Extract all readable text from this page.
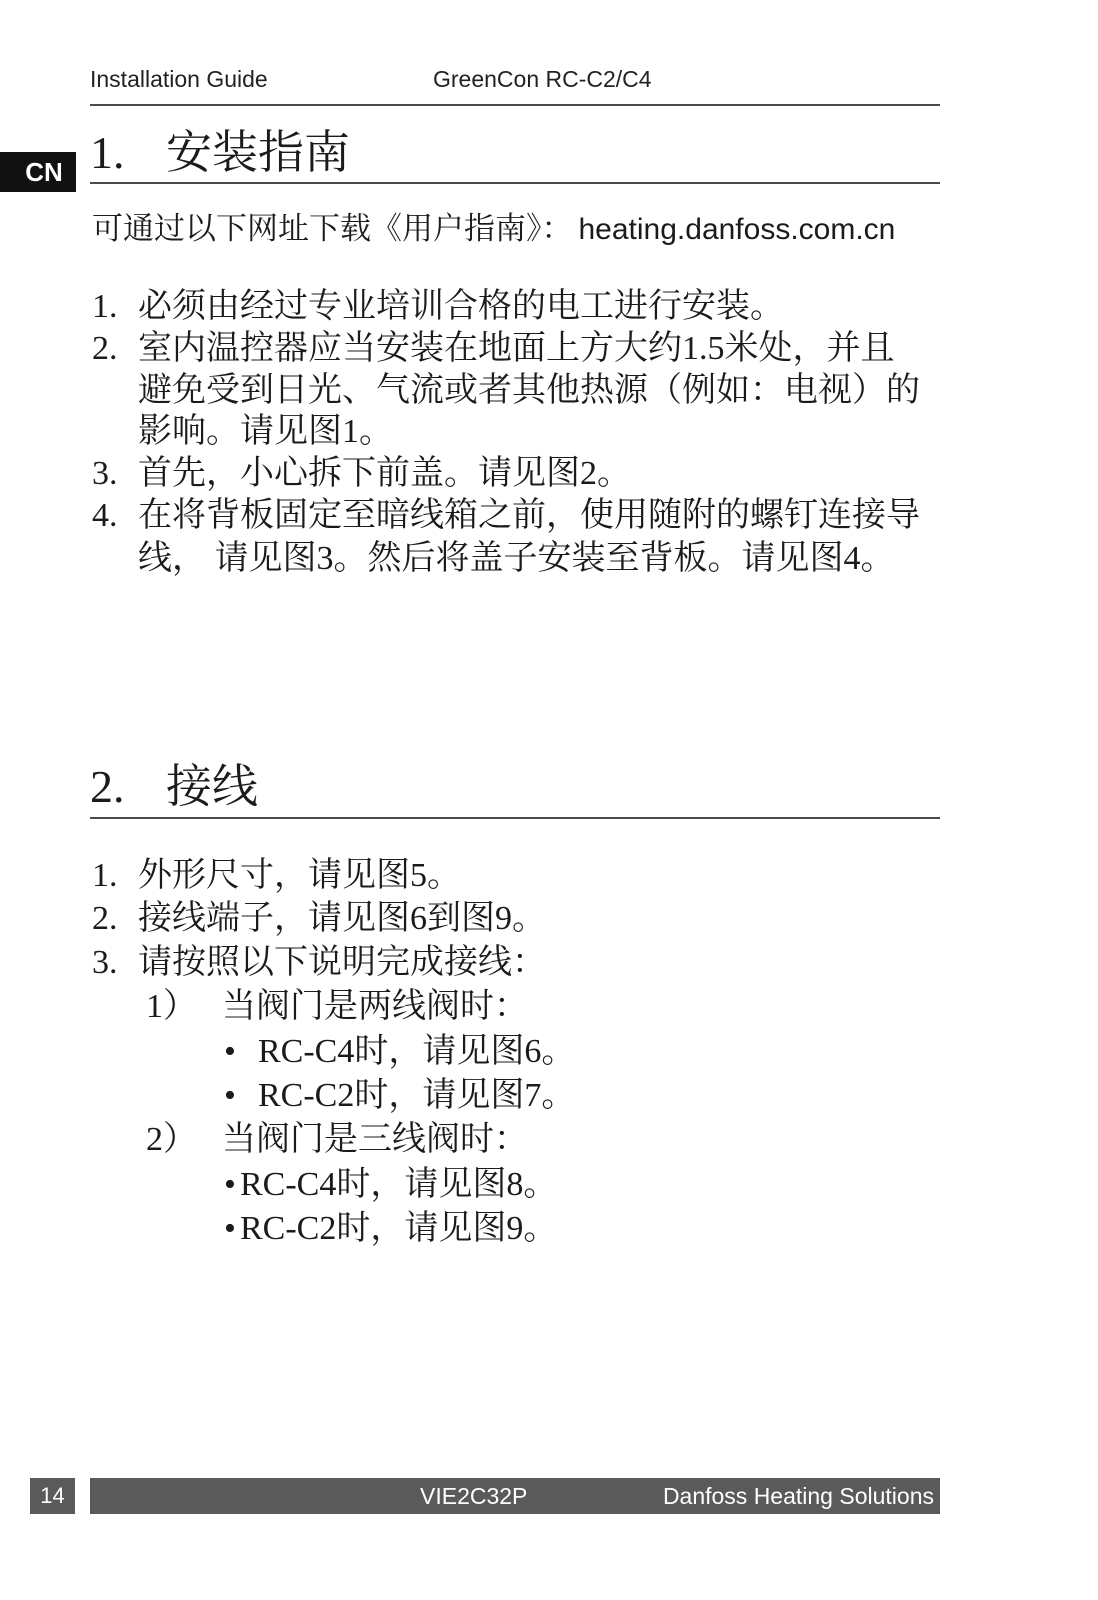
Installation Guide	GreenCon RC-C2/C4
CN 1. 安装指南
可通过以下网址下载《用户指南》： heating.danfoss.com.cn
1. 必须由经过专业培训合格的电工进行安装。
2. 室内温控器应当安装在地面上方大约1.5米处，并且
避免受到日光、气流或者其他热源（例如：电视）的
影响。请见图1。
3. 首先，小心拆下前盖。请见图2。
4. 在将背板固定至暗线箱之前，使用随附的螺钉连接导
线， 请见图3。然后将盖子安装至背板。请见图4。
2. 接线
1. 外形尺寸，请见图5。
2. 接线端子，请见图6到图9。
3. 请按照以下说明完成接线：
1） 当阀门是两线阀时：
• RC-C4时，请见图6。
• RC-C2时，请见图7。
2） 当阀门是三线阀时：
• RC-C4时，请见图8。
• RC-C2时，请见图9。
14	VIE2C32P	Danfoss Heating Solutions
